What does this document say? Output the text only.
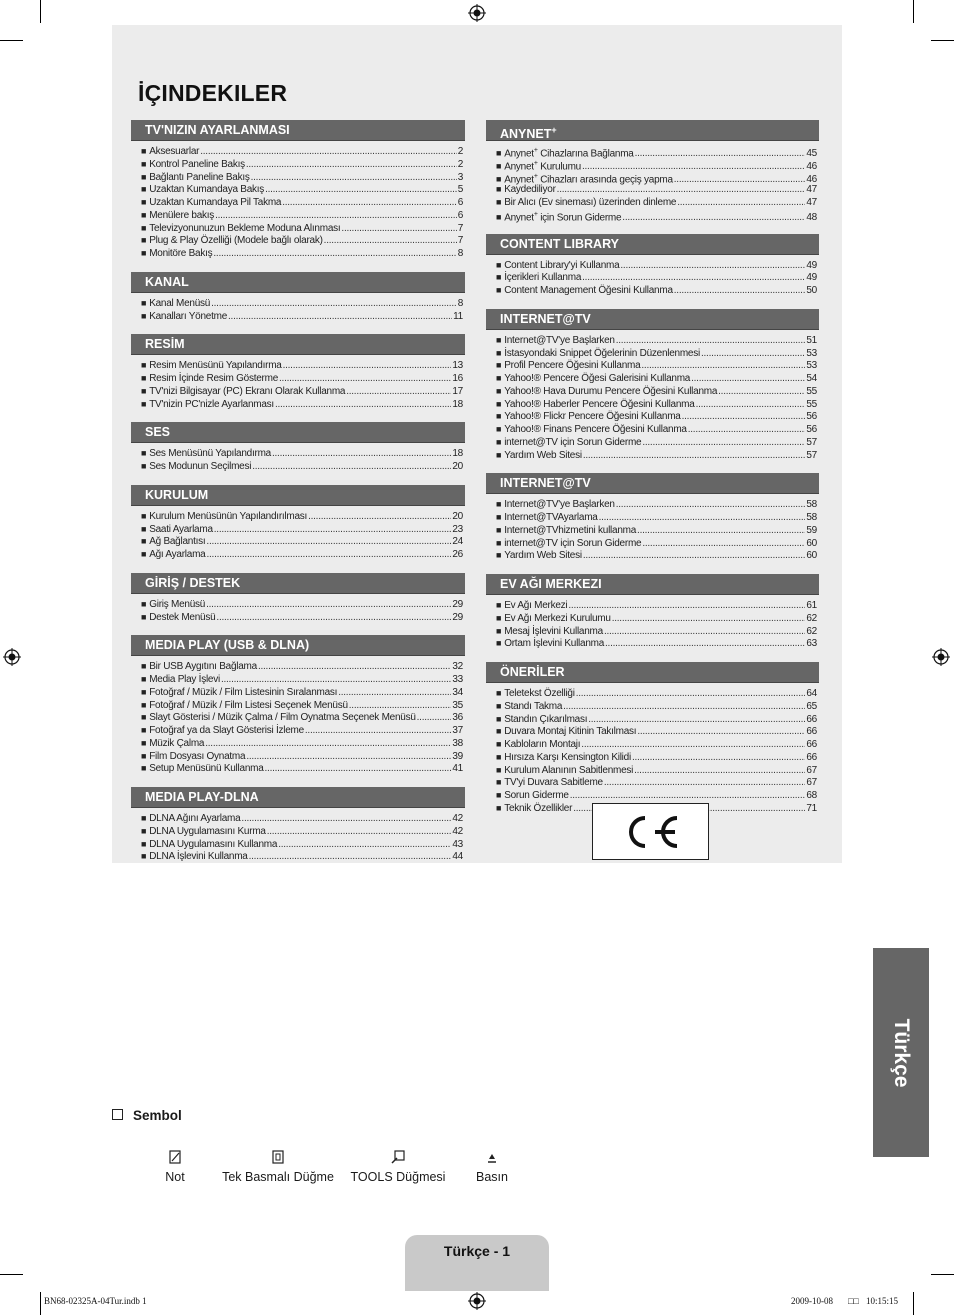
İÇINDEKILER
TV'NIZIN AYARLANMASI
■ Aksesuarlar .....	2
■ Kontrol Paneline Bakış .....	2
■ Bağlantı Paneline Bakış .....	3
■ Uzaktan Kumandaya Bakış .....	5
■ Uzaktan Kumandaya Pil Takma .....	6
■ Menülere bakış .....	6
■ Televizyonunuzun Bekleme Moduna Alınması .....	7
■ Plug & Play Özelliği (Modele bağlı olarak) .....	7
■ Monitöre Bakış .....	8
KANAL
■ Kanal Menüsü .....	8
■ Kanalları Yönetme .....	11
RESİM
■ Resim Menüsünü Yapılandırma .....	13
■ Resim İçinde Resim Gösterme .....	16
■ TV'nizi Bilgisayar (PC) Ekranı Olarak Kullanma .....	17
■ TV'nizin PC'nizle Ayarlanması .....	18
SES
■ Ses Menüsünü Yapılandırma .....	18
■ Ses Modunun Seçilmesi .....	20
KURULUM
■ Kurulum Menüsünün Yapılandırılması .....	20
■ Saati Ayarlama .....	23
■ Ağ Bağlantısı .....	24
■ Ağı Ayarlama .....	26
GİRİŞ / DESTEK
■ Giriş Menüsü .....	29
■ Destek Menüsü .....	29
MEDIA PLAY (USB & DLNA)
■ Bir USB Aygıtını Bağlama .....	32
■ Media Play İşlevi .....	33
■ Fotoğraf / Müzik / Film Listesinin Sıralanması .....	34
■ Fotoğraf / Müzik / Film Listesi Seçenek Menüsü .....	35
■ Slayt Gösterisi / Müzik Çalma / Film Oynatma Seçenek Menüsü .....	36
■ Fotoğraf ya da Slayt Gösterisi İzleme .....	37
■ Müzik Çalma .....	38
■ Film Dosyası Oynatma .....	39
■ Setup Menüsünü Kullanma .....	41
MEDIA PLAY-DLNA
■ DLNA Ağını Ayarlama .....	42
■ DLNA Uygulamasını Kurma .....	42
■ DLNA Uygulamasını Kullanma .....	43
■ DLNA İşlevini Kullanma .....	44
ANYNET+
■ Anynet+ Cihazlarına Bağlanma .....	45
■ Anynet+ Kurulumu .....	46
■ Anynet+ Cihazları arasında geçiş yapma .....	46
■ Kaydediliyor .....	47
■ Bir Alıcı (Ev sineması) üzerinden dinleme .....	47
■ Anynet+ için Sorun Giderme .....	48
CONTENT LIBRARY
■ Content Library'yi Kullanma .....	49
■ İçerikleri Kullanma .....	49
■ Content Management Öğesini Kullanma .....	50
INTERNET@TV
■ Internet@TV'ye Başlarken .....	51
■ İstasyondaki Snippet Öğelerinin Düzenlenmesi .....	53
■ Profil Pencere Öğesini Kullanma .....	53
■ Yahoo!® Pencere Öğesi Galerisini Kullanma .....	54
■ Yahoo!® Hava Durumu Pencere Öğesini Kullanma .....	55
■ Yahoo!® Haberler Pencere Öğesini Kullanma .....	55
■ Yahoo!® Flickr Pencere Öğesini Kullanma .....	56
■ Yahoo!® Finans Pencere Öğesini Kullanma .....	56
■ internet@TV için Sorun Giderme .....	57
■ Yardım Web Sitesi .....	57
INTERNET@TV
■ Internet@TV'ye Başlarken .....	58
■ Internet@TVAyarlama .....	58
■ Internet@TVhizmetini kullanma .....	59
■ internet@TV için Sorun Giderme .....	60
■ Yardım Web Sitesi .....	60
EV AĞI MERKEZI
■ Ev Ağı Merkezi .....	61
■ Ev Ağı Merkezi Kurulumu .....	62
■ Mesaj İşlevini Kullanma .....	62
■ Ortam İşlevini Kullanma .....	63
ÖNERİLER
■ Teletekst Özelliği .....	64
■ Standı Takma .....	65
■ Standın Çıkarılması .....	66
■ Duvara Montaj Kitinin Takılması .....	66
■ Kabloların Montajı .....	66
■ Hırsıza Karşı Kensington Kilidi .....	66
■ Kurulum Alanının Sabitlenmesi .....	67
■ TV'yi Duvara Sabitleme .....	67
■ Sorun Giderme .....	68
■ Teknik Özellikler .....	71
Türkçe
Sembol
Not	Tek Basmalı Düğme	TOOLS Düğmesi	Basın
Türkçe - 1
BN68-02325A-04Tur.indb 1	2009-10-08 □□ 10:15:15
